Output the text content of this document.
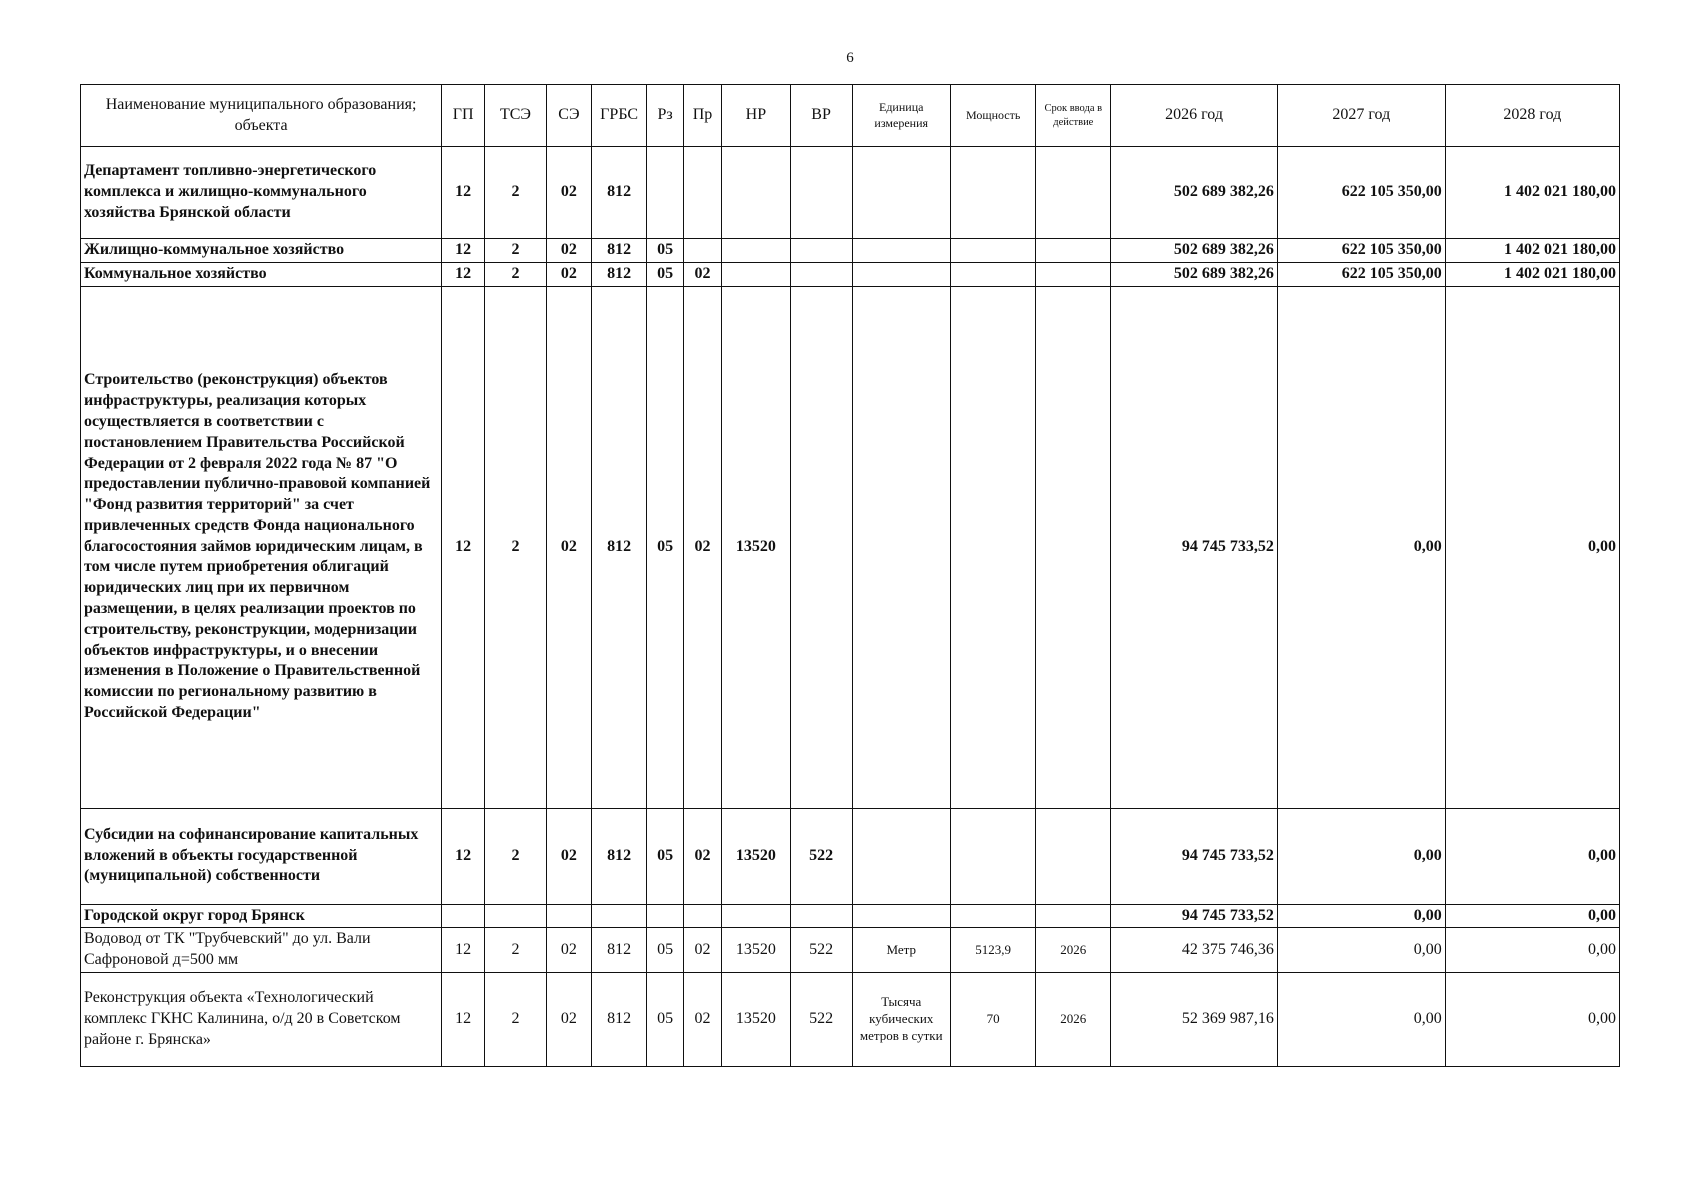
6
Наименование муниципального образования; объекта	ГП	ТСЭ	СЭ	ГРБС	Рз	Пр	НР	ВР	Единица измерения	Мощность	Срок ввода в действие	2026 год	2027 год	2028 год
Департамент топливно-энергетического комплекса и жилищно-коммунального хозяйства Брянской области	12	2	02	812								502 689 382,26	622 105 350,00	1 402 021 180,00
Жилищно-коммунальное хозяйство	12	2	02	812	05							502 689 382,26	622 105 350,00	1 402 021 180,00
Коммунальное хозяйство	12	2	02	812	05	02						502 689 382,26	622 105 350,00	1 402 021 180,00
Строительство (реконструкция) объектов инфраструктуры, реализация которых осуществляется в соответствии с постановлением Правительства Российской Федерации от 2 февраля 2022 года № 87 "О предоставлении публично-правовой компанией "Фонд развития территорий" за счет привлеченных средств Фонда национального благосостояния займов юридическим лицам, в том числе путем приобретения облигаций юридических лиц при их первичном размещении, в целях реализации проектов по строительству, реконструкции, модернизации объектов инфраструктуры, и о внесении изменения в Положение о Правительственной комиссии по региональному развитию в Российской Федерации"	12	2	02	812	05	02	13520					94 745 733,52	0,00	0,00
Субсидии на софинансирование капитальных вложений в объекты государственной (муниципальной) собственности	12	2	02	812	05	02	13520	522				94 745 733,52	0,00	0,00
Городской округ город Брянск												94 745 733,52	0,00	0,00
Водовод от ТК "Трубчевский" до ул. Вали Сафроновой д=500 мм	12	2	02	812	05	02	13520	522	Метр	5123,9	2026	42 375 746,36	0,00	0,00
Реконструкция объекта «Технологический комплекс ГКНС Калинина, о/д 20 в Советском районе г. Брянска»	12	2	02	812	05	02	13520	522	Тысяча кубических метров в сутки	70	2026	52 369 987,16	0,00	0,00
